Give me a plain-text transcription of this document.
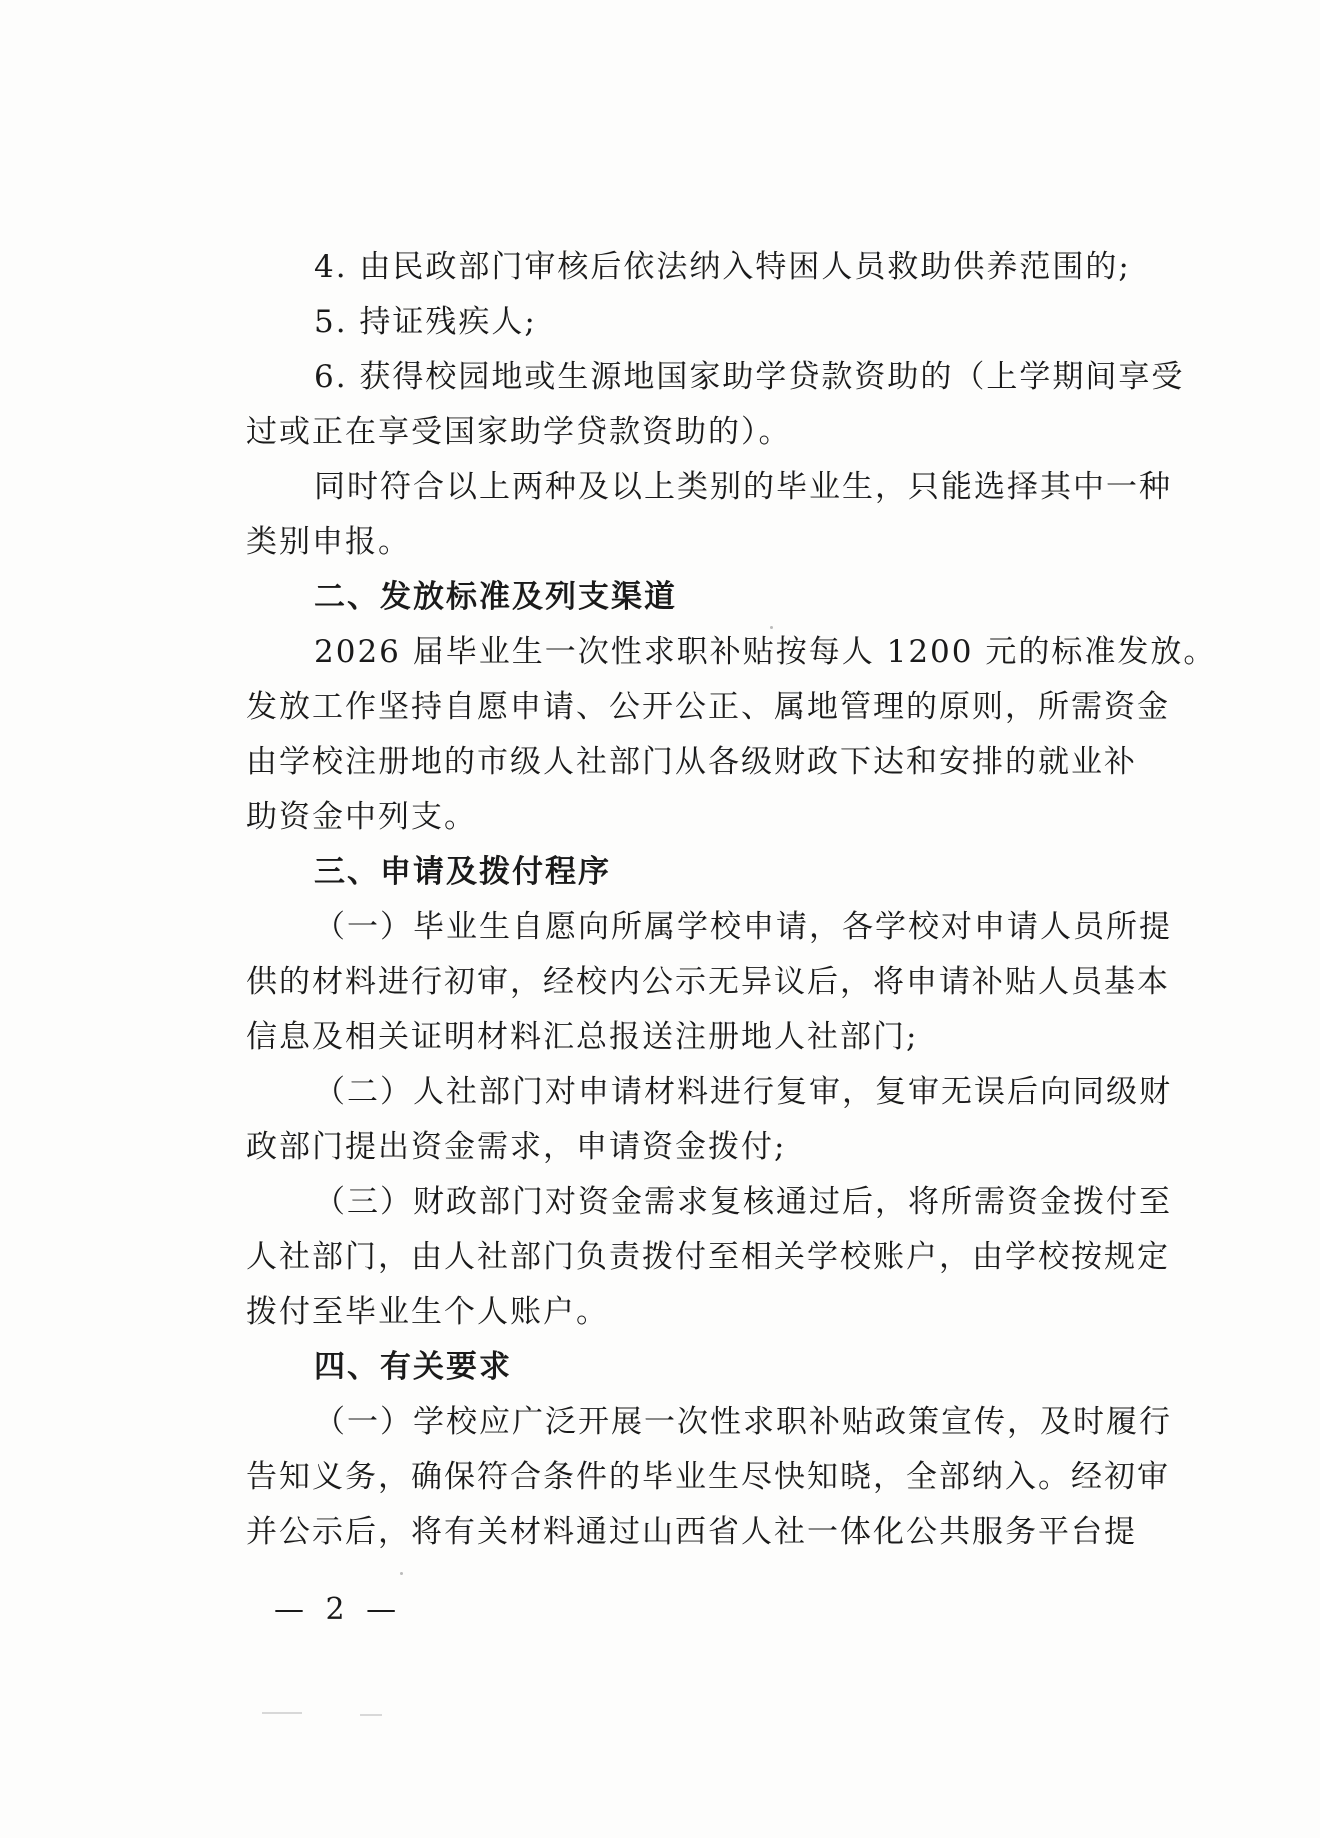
4. 由民政部门审核后依法纳入特困人员救助供养范围的;
5. 持证残疾人;
6. 获得校园地或生源地国家助学贷款资助的（上学期间享受
过或正在享受国家助学贷款资助的）。
同时符合以上两种及以上类别的毕业生，只能选择其中一种
类别申报。
二、发放标准及列支渠道
2026 届毕业生一次性求职补贴按每人 1200 元的标准发放。
发放工作坚持自愿申请、公开公正、属地管理的原则，所需资金
由学校注册地的市级人社部门从各级财政下达和安排的就业补
助资金中列支。
三、申请及拨付程序
（一）毕业生自愿向所属学校申请，各学校对申请人员所提
供的材料进行初审，经校内公示无异议后，将申请补贴人员基本
信息及相关证明材料汇总报送注册地人社部门;
（二）人社部门对申请材料进行复审，复审无误后向同级财
政部门提出资金需求，申请资金拨付;
（三）财政部门对资金需求复核通过后，将所需资金拨付至
人社部门，由人社部门负责拨付至相关学校账户，由学校按规定
拨付至毕业生个人账户。
四、有关要求
（一）学校应广泛开展一次性求职补贴政策宣传，及时履行
告知义务，确保符合条件的毕业生尽快知晓，全部纳入。经初审
并公示后，将有关材料通过山西省人社一体化公共服务平台提
— 2 —
